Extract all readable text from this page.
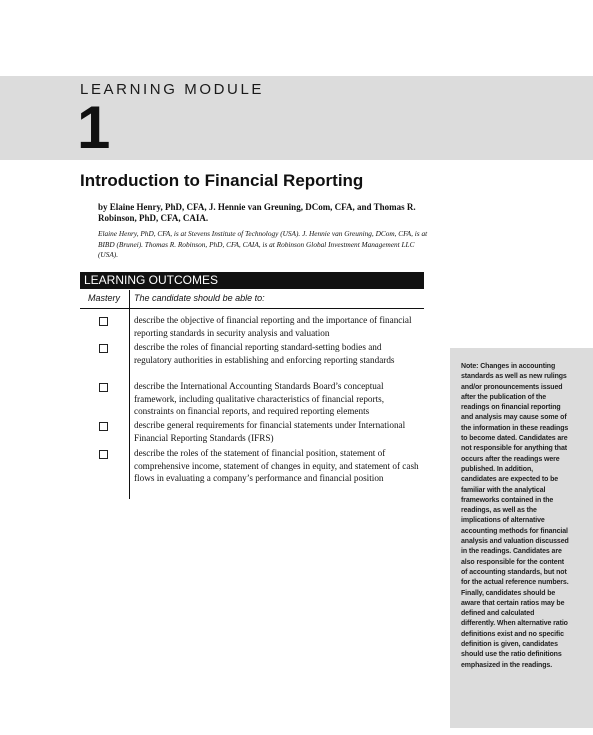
LEARNING MODULE
1
Introduction to Financial Reporting
by Elaine Henry, PhD, CFA, J. Hennie van Greuning, DCom, CFA, and Thomas R. Robinson, PhD, CFA, CAIA.
Elaine Henry, PhD, CFA, is at Stevens Institute of Technology (USA). J. Hennie van Greuning, DCom, CFA, is at BIBD (Brunei). Thomas R. Robinson, PhD, CFA, CAIA, is at Robinson Global Investment Management LLC (USA).
LEARNING OUTCOMES
Mastery The candidate should be able to:
describe the objective of financial reporting and the importance of financial reporting standards in security analysis and valuation
describe the roles of financial reporting standard-setting bodies and regulatory authorities in establishing and enforcing reporting standards
describe the International Accounting Standards Board’s conceptual framework, including qualitative characteristics of financial reports, constraints on financial reports, and required reporting elements
describe general requirements for financial statements under International Financial Reporting Standards (IFRS)
describe the roles of the statement of financial position, statement of comprehensive income, statement of changes in equity, and statement of cash flows in evaluating a company’s performance and financial position
Note: Changes in accounting standards as well as new rulings and/or pronouncements issued after the publication of the readings on financial reporting and analysis may cause some of the information in these readings to become dated. Candidates are not responsible for anything that occurs after the readings were published. In addition, candidates are expected to be familiar with the analytical frameworks contained in the readings, as well as the implications of alternative accounting methods for financial analysis and valuation discussed in the readings. Candidates are also responsible for the content of accounting standards, but not for the actual reference numbers. Finally, candidates should be aware that certain ratios may be defined and calculated differently. When alternative ratio definitions exist and no specific definition is given, candidates should use the ratio definitions emphasized in the readings.
